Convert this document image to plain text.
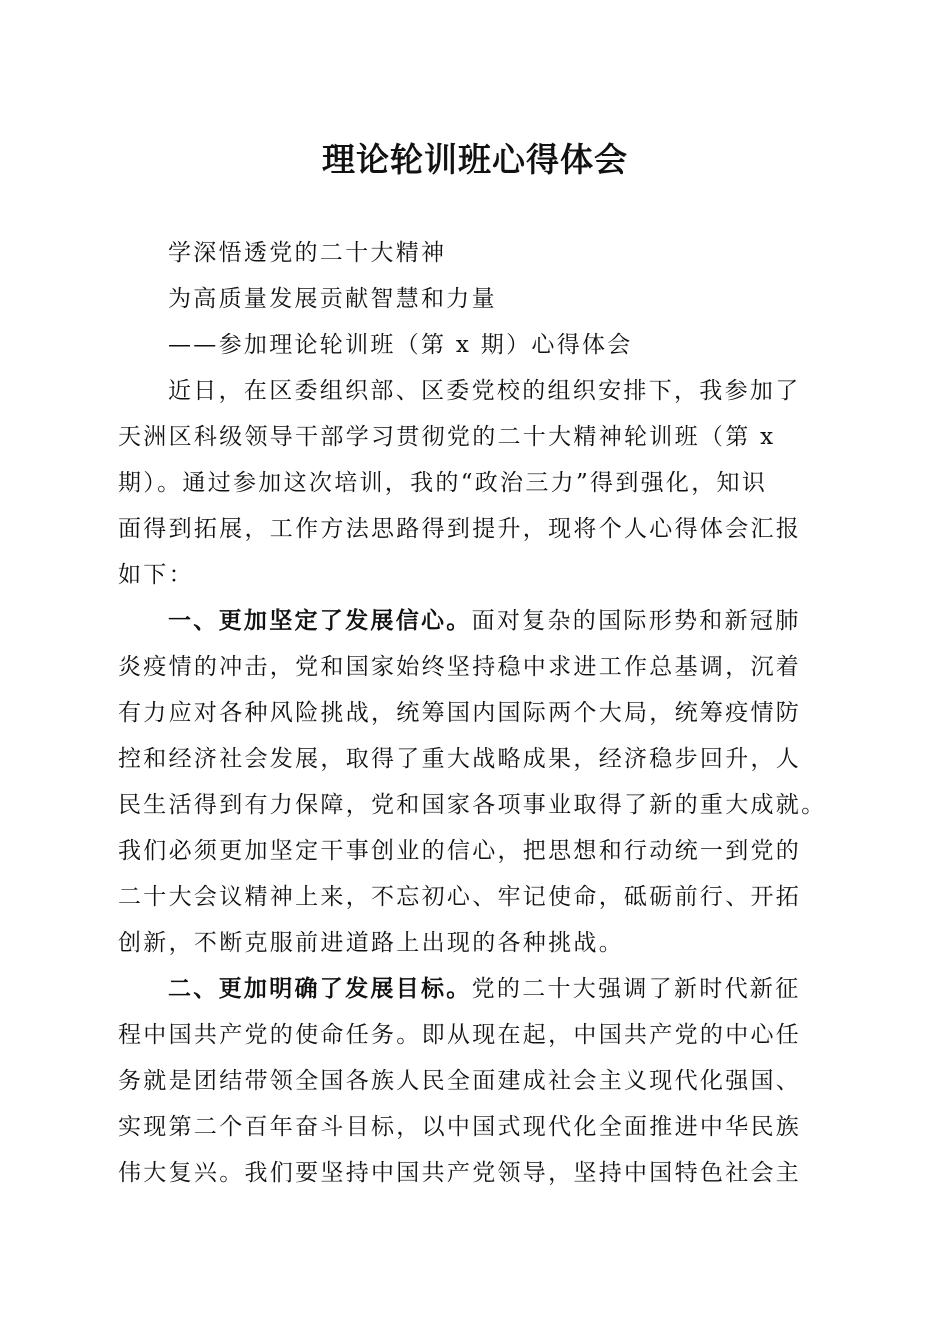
理论轮训班心得体会
学深悟透党的二十大精神
为高质量发展贡献智慧和力量
——参加理论轮训班（第 x 期）心得体会
近日，在区委组织部、区委党校的组织安排下，我参加了
天洲区科级领导干部学习贯彻党的二十大精神轮训班（第 x
期）。通过参加这次培训，我的“政治三力”得到强化，知识
面得到拓展，工作方法思路得到提升，现将个人心得体会汇报
如下：
一、更加坚定了发展信心。面对复杂的国际形势和新冠肺
炎疫情的冲击，党和国家始终坚持稳中求进工作总基调，沉着
有力应对各种风险挑战，统筹国内国际两个大局，统筹疫情防
控和经济社会发展，取得了重大战略成果，经济稳步回升，人
民生活得到有力保障，党和国家各项事业取得了新的重大成就。
我们必须更加坚定干事创业的信心，把思想和行动统一到党的
二十大会议精神上来，不忘初心、牢记使命，砥砺前行、开拓
创新，不断克服前进道路上出现的各种挑战。
二、更加明确了发展目标。党的二十大强调了新时代新征
程中国共产党的使命任务。即从现在起，中国共产党的中心任
务就是团结带领全国各族人民全面建成社会主义现代化强国、
实现第二个百年奋斗目标，以中国式现代化全面推进中华民族
伟大复兴。我们要坚持中国共产党领导，坚持中国特色社会主
